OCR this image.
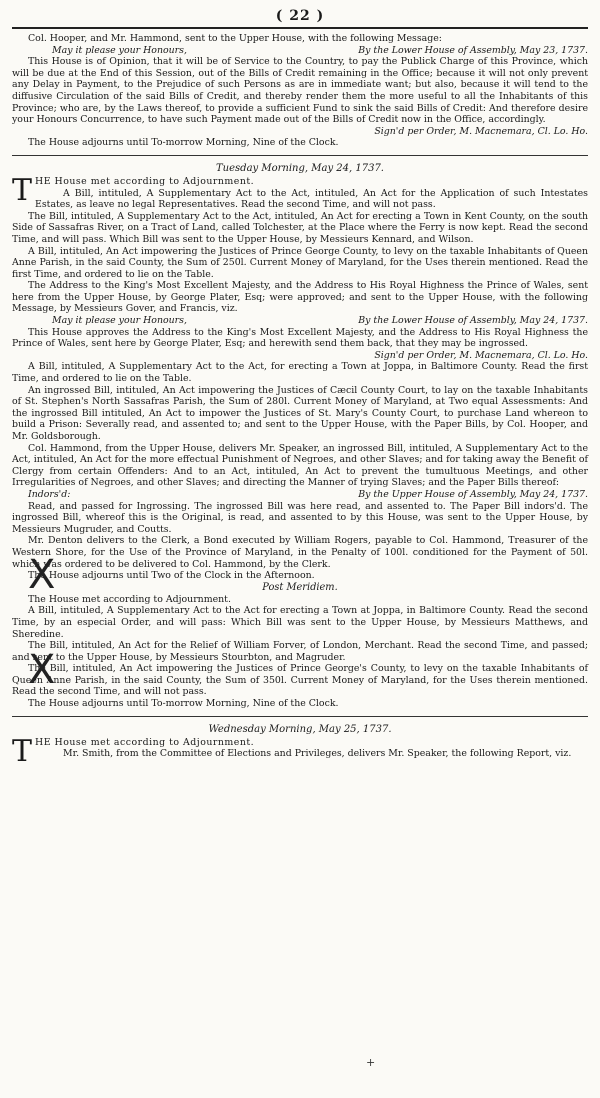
( 22 )

Col. Hooper, and Mr. Hammond, sent to the Upper House, with the following Message:

May it please your Honours,	By the Lower House of Assembly, May 23, 1737.

This House is of Opinion, that it will be of Service to the Country, to pay the Publick Charge of this Province, which will be due at the End of this Session, out of the Bills of Credit remaining in the Office; because it will not only prevent any Delay in Payment, to the Prejudice of such Persons as are in immediate want; but also, because it will tend to the diffusive Circulation of the said Bills of Credit, and thereby render them the more useful to all the Inhabitants of this Province; who are, by the Laws thereof, to provide a sufficient Fund to sink the said Bills of Credit: And therefore desire your Honours Concurrence, to have such Payment made out of the Bills of Credit now in the Office, accordingly.

Sign'd per Order, M. Macnemara, Cl. Lo. Ho.

The House adjourns until To-morrow Morning, Nine of the Clock.

Tuesday Morning, May 24, 1737.

THE House met according to Adjournment.

A Bill, intituled, A Supplementary Act to the Act, intituled, An Act for the Application of such Intestates Estates, as leave no legal Representatives. Read the second Time, and will not pass.

The Bill, intituled, A Supplementary Act to the Act, intituled, An Act for erecting a Town in Kent County, on the south Side of Sassafras River, on a Tract of Land, called Tolchester, at the Place where the Ferry is now kept. Read the second Time, and will pass. Which Bill was sent to the Upper House, by Messieurs Kennard, and Wilson.

A Bill, intituled, An Act impowering the Justices of Prince George County, to levy on the taxable Inhabitants of Queen Anne Parish, in the said County, the Sum of 250l. Current Money of Maryland, for the Uses therein mentioned. Read the first Time, and ordered to lie on the Table.

The Address to the King's Most Excellent Majesty, and the Address to His Royal Highness the Prince of Wales, sent here from the Upper House, by George Plater, Esq; were approved; and sent to the Upper House, with the following Message, by Messieurs Gover, and Francis, viz.

May it please your Honours,	By the Lower House of Assembly, May 24, 1737.

This House approves the Address to the King's Most Excellent Majesty, and the Address to His Royal Highness the Prince of Wales, sent here by George Plater, Esq; and herewith send them back, that they may be ingrossed.

Sign'd per Order, M. Macnemara, Cl. Lo. Ho.

A Bill, intituled, A Supplementary Act to the Act, for erecting a Town at Joppa, in Baltimore County. Read the first Time, and ordered to lie on the Table.

An ingrossed Bill, intituled, An Act impowering the Justices of Cæcil County Court, to lay on the taxable Inhabitants of St. Stephen's North Sassafras Parish, the Sum of 280l. Current Money of Maryland, at Two equal Assessments: And the ingrossed Bill intituled, An Act to impower the Justices of St. Mary's County Court, to purchase Land whereon to build a Prison: Severally read, and assented to; and sent to the Upper House, with the Paper Bills, by Col. Hooper, and Mr. Goldsborough.

Col. Hammond, from the Upper House, delivers Mr. Speaker, an ingrossed Bill, intituled, A Supplementary Act to the Act, intituled, An Act for the more effectual Punishment of Negroes, and other Slaves; and for taking away the Benefit of Clergy from certain Offenders: And to an Act, intituled, An Act to prevent the tumultuous Meetings, and other Irregularities of Negroes, and other Slaves; and directing the Manner of trying Slaves; and the Paper Bills thereof:

Indors'd:	By the Upper House of Assembly, May 24, 1737.

Read, and passed for Ingrossing. The ingrossed Bill was here read, and assented to. The Paper Bill indors'd. The ingrossed Bill, whereof this is the Original, is read, and assented to by this House, was sent to the Upper House, by Messieurs Mugruder, and Coutts.

Mr. Denton delivers to the Clerk, a Bond executed by William Rogers, payable to Col. Hammond, Treasurer of the Western Shore, for the Use of the Province of Maryland, in the Penalty of 100l. conditioned for the Payment of 50l. which was ordered to be delivered to Col. Hammond, by the Clerk.

The House adjourns until Two of the Clock in the Afternoon.

Post Meridiem.

The House met according to Adjournment.

A Bill, intituled, A Supplementary Act to the Act for erecting a Town at Joppa, in Baltimore County. Read the second Time, by an especial Order, and will pass: Which Bill was sent to the Upper House, by Messieurs Matthews, and Sheredine.

The Bill, intituled, An Act for the Relief of William Forver, of London, Merchant. Read the second Time, and passed; and sent to the Upper House, by Messieurs Stourbton, and Magruder.

The Bill, intituled, An Act impowering the Justices of Prince George's County, to levy on the taxable Inhabitants of Queen Anne Parish, in the said County, the Sum of 350l. Current Money of Maryland, for the Uses therein mentioned. Read the second Time, and will not pass.

The House adjourns until To-morrow Morning, Nine of the Clock.

Wednesday Morning, May 25, 1737.

THE House met according to Adjournment.

Mr. Smith, from the Committee of Elections and Privileges, delivers Mr. Speaker, the following Report, viz.

X
X
+
